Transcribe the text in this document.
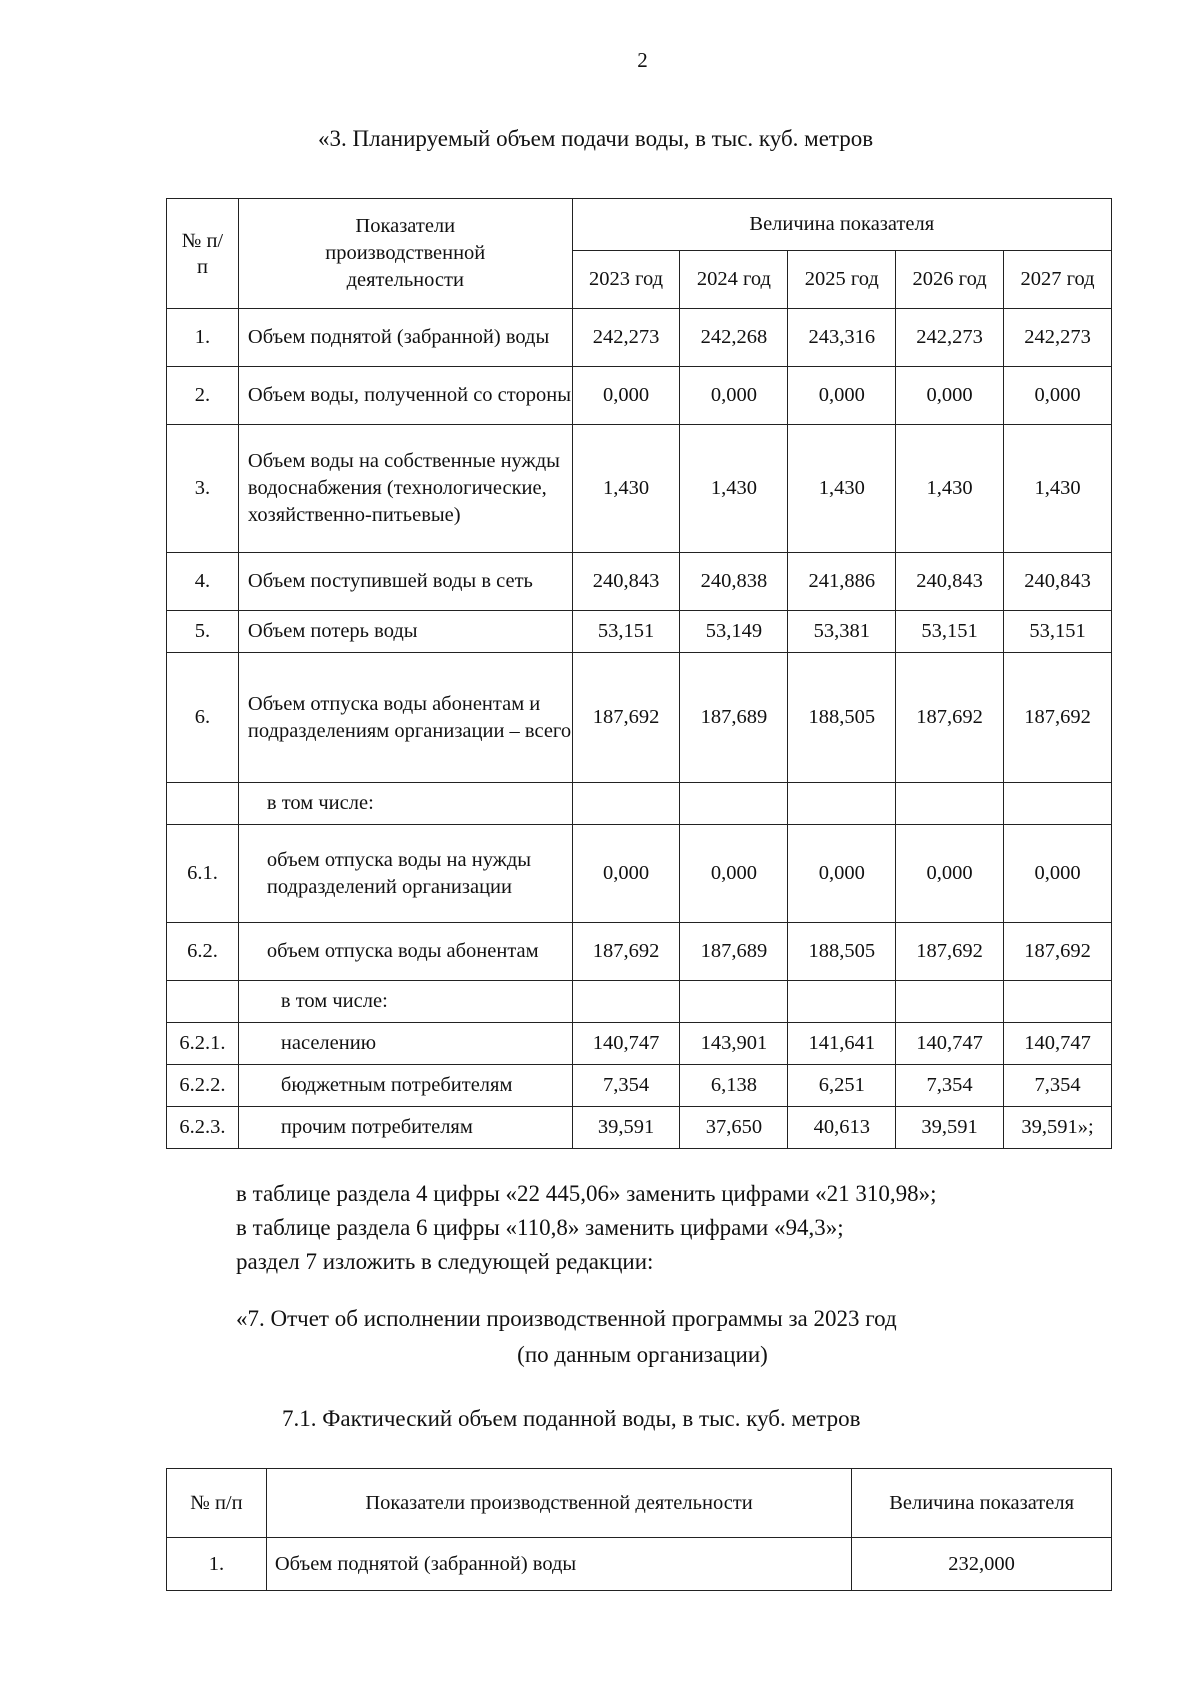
2
«3. Планируемый объем подачи воды, в тыс. куб. метров
№ п/п	Показатели производственной деятельности	Величина показателя				
		2023 год	2024 год	2025 год	2026 год	2027 год
1.	Объем поднятой (забранной) воды	242,273	242,268	243,316	242,273	242,273
2.	Объем воды, полученной со стороны	0,000	0,000	0,000	0,000	0,000
3.	Объем воды на собственные нужды водоснабжения (технологические, хозяйственно-питьевые)	1,430	1,430	1,430	1,430	1,430
4.	Объем поступившей воды в сеть	240,843	240,838	241,886	240,843	240,843
5.	Объем потерь воды	53,151	53,149	53,381	53,151	53,151
6.	Объем отпуска воды абонентам и подразделениям организации – всего	187,692	187,689	188,505	187,692	187,692
	в том числе:					
6.1.	объем отпуска воды на нужды подразделений организации	0,000	0,000	0,000	0,000	0,000
6.2.	объем отпуска воды абонентам	187,692	187,689	188,505	187,692	187,692
	в том числе:					
6.2.1.	населению	140,747	143,901	141,641	140,747	140,747
6.2.2.	бюджетным потребителям	7,354	6,138	6,251	7,354	7,354
6.2.3.	прочим потребителям	39,591	37,650	40,613	39,591	39,591»;
в таблице раздела 4 цифры «22 445,06» заменить цифрами «21 310,98»;
в таблице раздела 6 цифры «110,8» заменить цифрами «94,3»;
раздел 7 изложить в следующей редакции:
«7. Отчет об исполнении производственной программы за 2023 год
(по данным организации)
7.1. Фактический объем поданной воды, в тыс. куб. метров
№ п/п	Показатели производственной деятельности	Величина показателя
1.	Объем поднятой (забранной) воды	232,000
